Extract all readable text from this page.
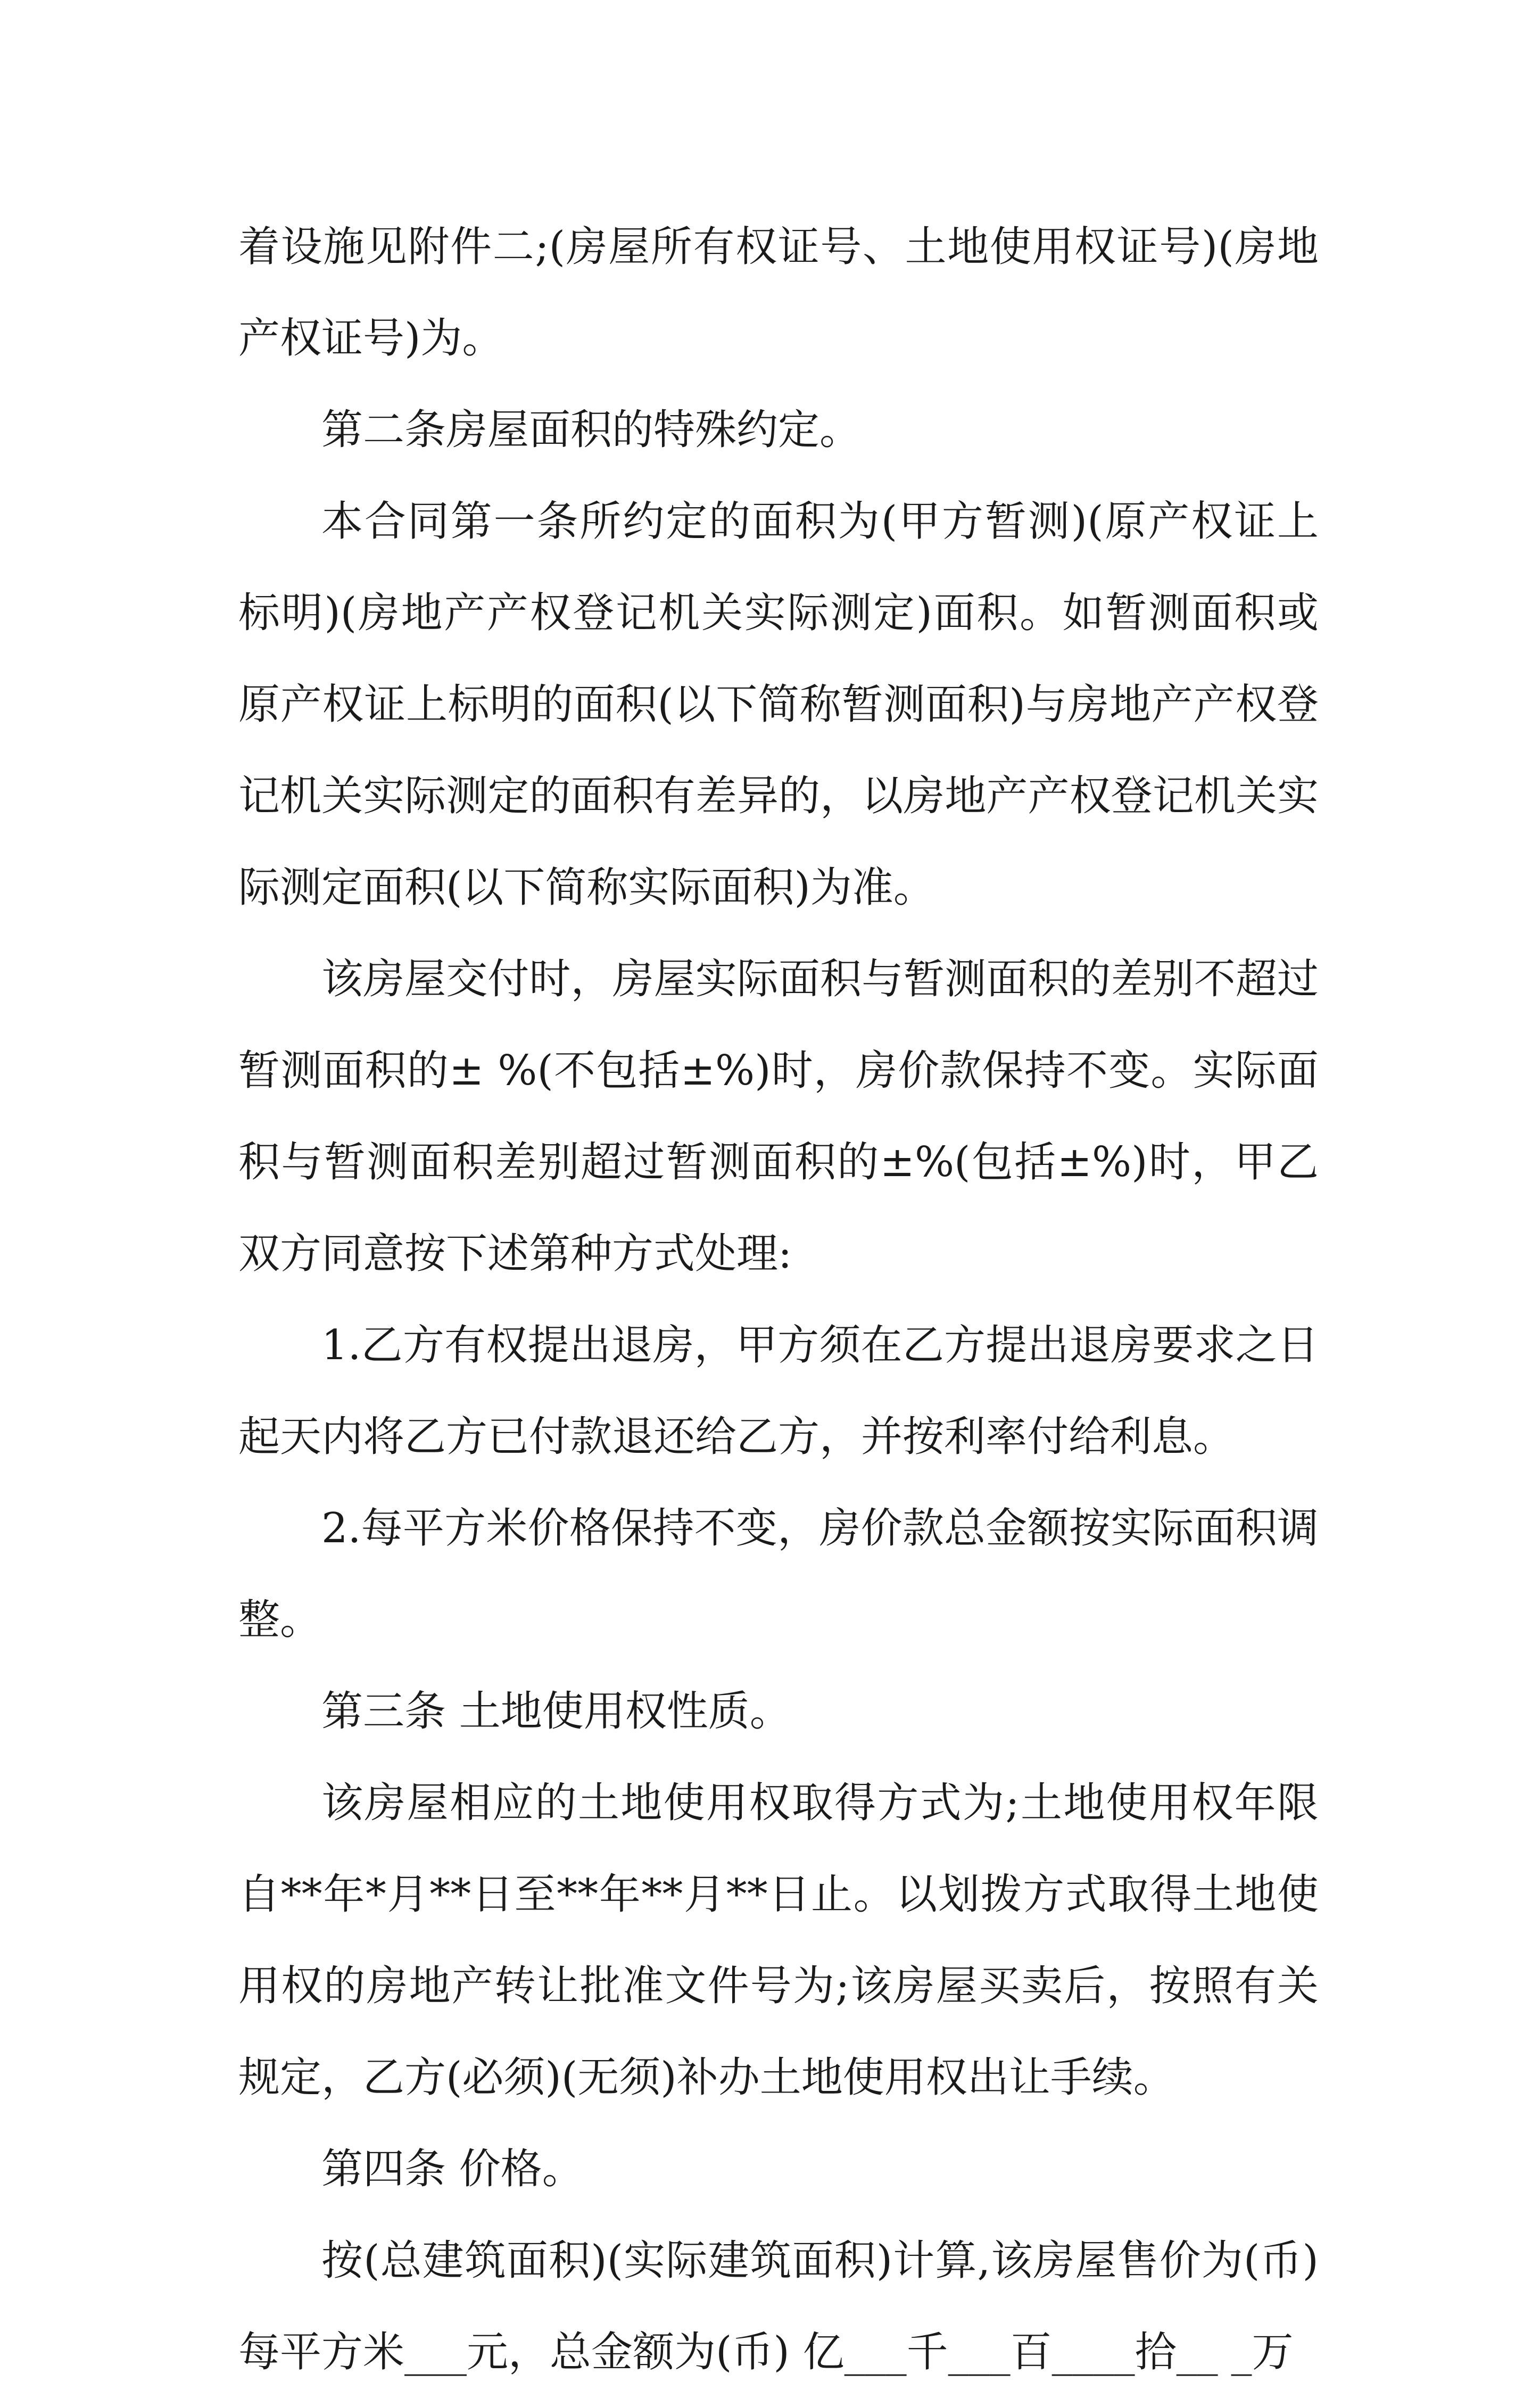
着设施见附件二;(房屋所有权证号、土地使用权证号)(房地产权证号)为。

第二条房屋面积的特殊约定。

本合同第一条所约定的面积为(甲方暂测)(原产权证上标明)(房地产产权登记机关实际测定)面积。如暂测面积或原产权证上标明的面积(以下简称暂测面积)与房地产产权登记机关实际测定的面积有差异的，以房地产产权登记机关实际测定面积(以下简称实际面积)为准。

该房屋交付时，房屋实际面积与暂测面积的差别不超过暂测面积的± %(不包括±%)时，房价款保持不变。实际面积与暂测面积差别超过暂测面积的±%(包括±%)时，甲乙双方同意按下述第种方式处理:

1.乙方有权提出退房，甲方须在乙方提出退房要求之日起天内将乙方已付款退还给乙方，并按利率付给利息。

2.每平方米价格保持不变，房价款总金额按实际面积调整。

第三条 土地使用权性质。

该房屋相应的土地使用权取得方式为;土地使用权年限自**年*月**日至**年**月**日止。以划拨方式取得土地使用权的房地产转让批准文件号为;该房屋买卖后，按照有关规定，乙方(必须)(无须)补办土地使用权出让手续。

第四条 价格。

按(总建筑面积)(实际建筑面积)计算,该房屋售价为(币)每平方米___元，总金额为(币) 亿___千___百____拾__ _万
